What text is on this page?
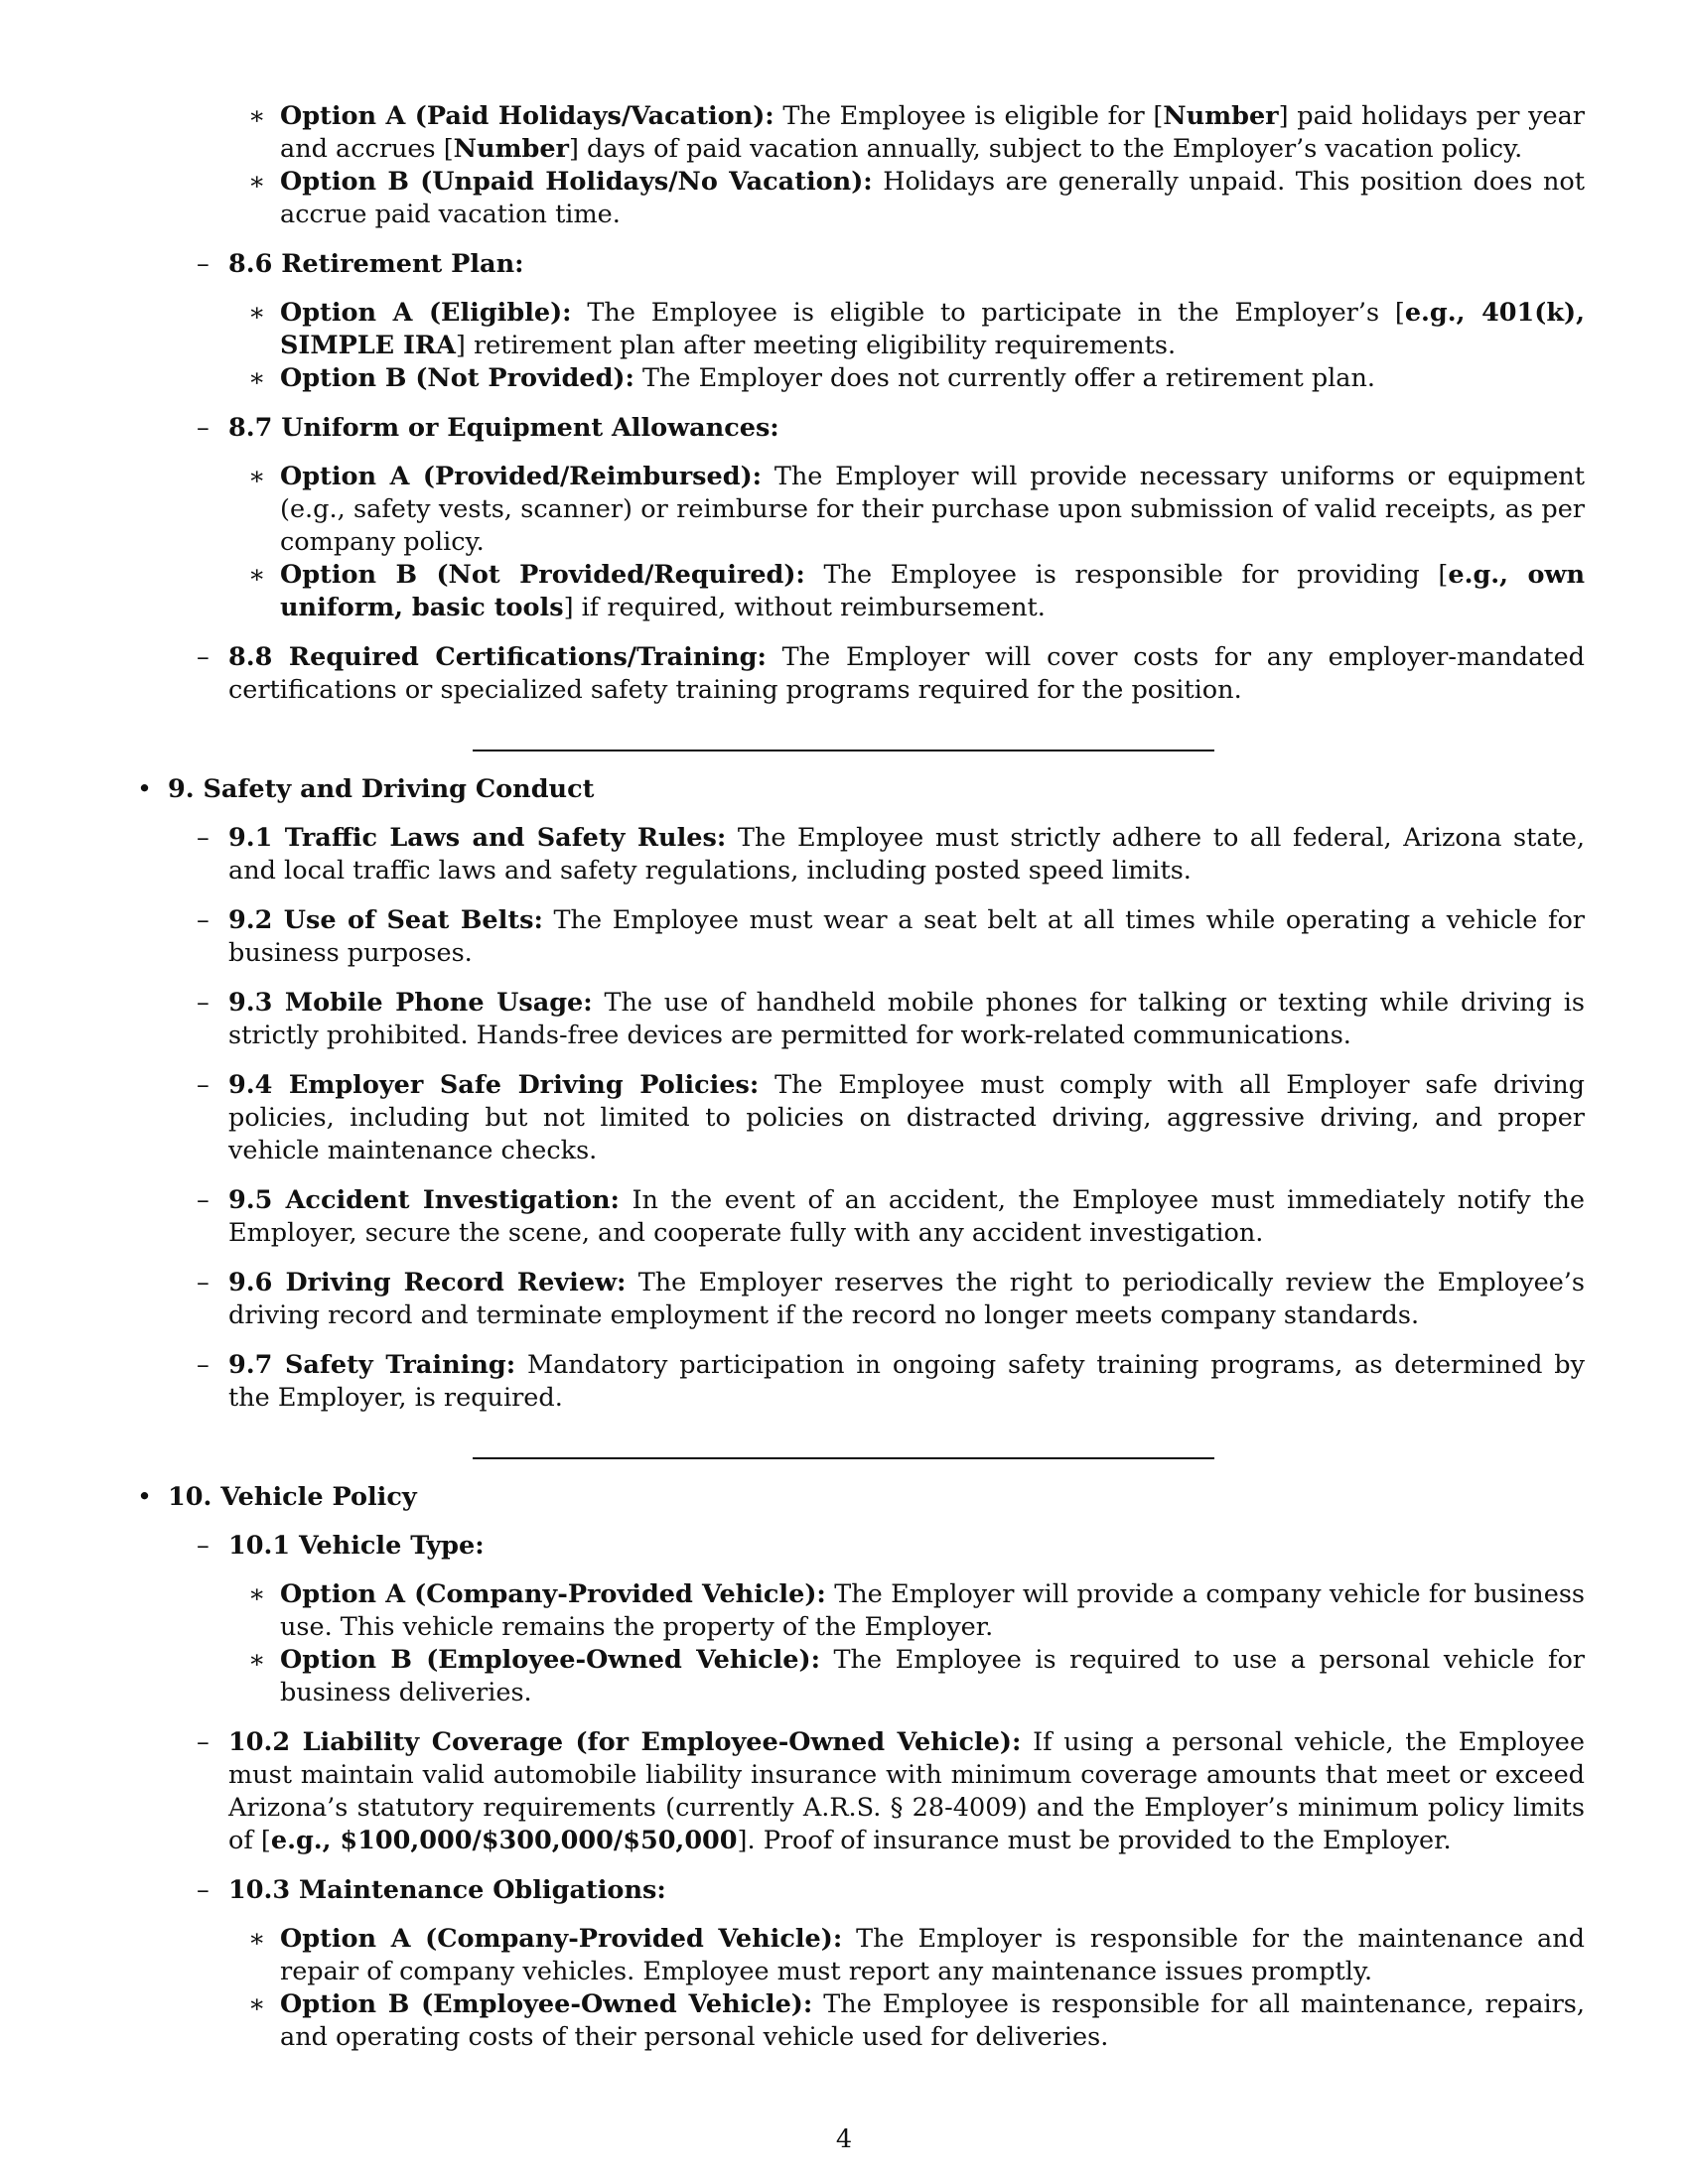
∗ Option A (Paid Holidays/Vacation): The Employee is eligible for [Number] paid holidays per year and accrues [Number] days of paid vacation annually, subject to the Employer’s vacation policy.
∗ Option B (Unpaid Holidays/No Vacation): Holidays are generally unpaid. This position does not accrue paid vacation time.
– 8.6 Retirement Plan:
∗ Option A (Eligible): The Employee is eligible to participate in the Employer’s [e.g., 401(k), SIMPLE IRA] retirement plan after meeting eligibility requirements.
∗ Option B (Not Provided): The Employer does not currently offer a retirement plan.
– 8.7 Uniform or Equipment Allowances:
∗ Option A (Provided/Reimbursed): The Employer will provide necessary uniforms or equipment (e.g., safety vests, scanner) or reimburse for their purchase upon submission of valid receipts, as per company policy.
∗ Option B (Not Provided/Required): The Employee is responsible for providing [e.g., own uniform, basic tools] if required, without reimbursement.
– 8.8 Required Certifications/Training: The Employer will cover costs for any employer-mandated certifications or specialized safety training programs required for the position.
• 9. Safety and Driving Conduct
– 9.1 Traffic Laws and Safety Rules: The Employee must strictly adhere to all federal, Arizona state, and local traffic laws and safety regulations, including posted speed limits.
– 9.2 Use of Seat Belts: The Employee must wear a seat belt at all times while operating a vehicle for business purposes.
– 9.3 Mobile Phone Usage: The use of handheld mobile phones for talking or texting while driving is strictly prohibited. Hands-free devices are permitted for work-related communications.
– 9.4 Employer Safe Driving Policies: The Employee must comply with all Employer safe driving policies, including but not limited to policies on distracted driving, aggressive driving, and proper vehicle maintenance checks.
– 9.5 Accident Investigation: In the event of an accident, the Employee must immediately notify the Employer, secure the scene, and cooperate fully with any accident investigation.
– 9.6 Driving Record Review: The Employer reserves the right to periodically review the Employee’s driving record and terminate employment if the record no longer meets company standards.
– 9.7 Safety Training: Mandatory participation in ongoing safety training programs, as determined by the Employer, is required.
• 10. Vehicle Policy
– 10.1 Vehicle Type:
∗ Option A (Company-Provided Vehicle): The Employer will provide a company vehicle for business use. This vehicle remains the property of the Employer.
∗ Option B (Employee-Owned Vehicle): The Employee is required to use a personal vehicle for business deliveries.
– 10.2 Liability Coverage (for Employee-Owned Vehicle): If using a personal vehicle, the Employee must maintain valid automobile liability insurance with minimum coverage amounts that meet or exceed Arizona’s statutory requirements (currently A.R.S. § 28-4009) and the Employer’s minimum policy limits of [e.g., $100,000/$300,000/$50,000]. Proof of insurance must be provided to the Employer.
– 10.3 Maintenance Obligations:
∗ Option A (Company-Provided Vehicle): The Employer is responsible for the maintenance and repair of company vehicles. Employee must report any maintenance issues promptly.
∗ Option B (Employee-Owned Vehicle): The Employee is responsible for all maintenance, repairs, and operating costs of their personal vehicle used for deliveries.
4
